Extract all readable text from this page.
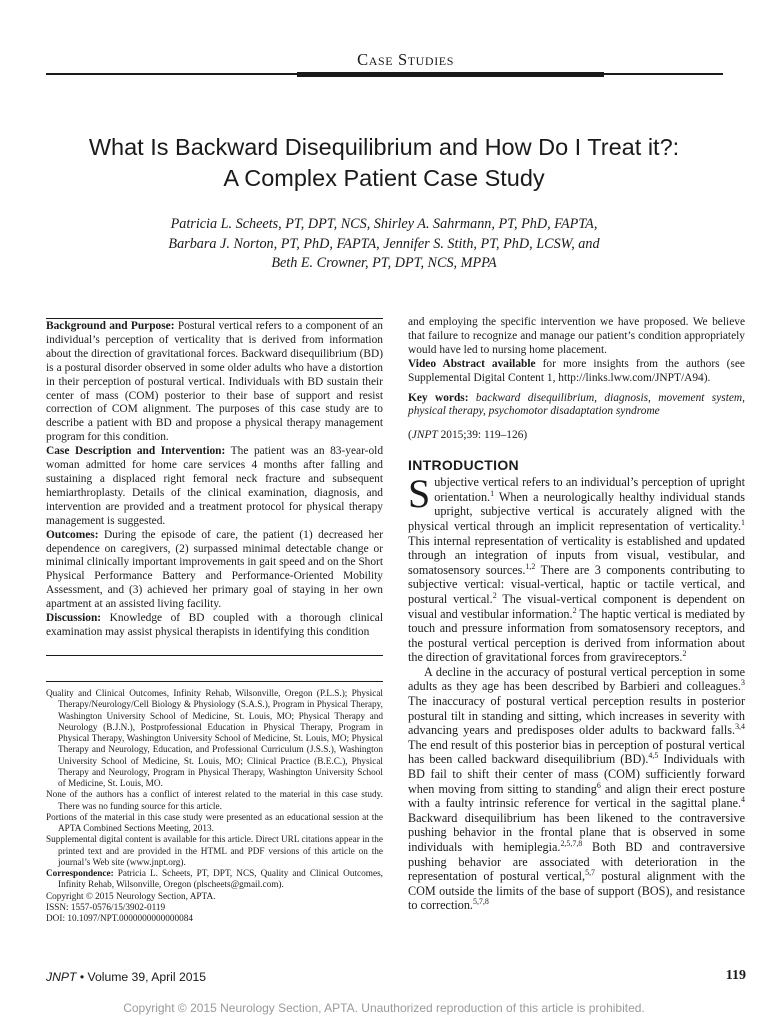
Case Studies
What Is Backward Disequilibrium and How Do I Treat it?:
A Complex Patient Case Study
Patricia L. Scheets, PT, DPT, NCS, Shirley A. Sahrmann, PT, PhD, FAPTA,
Barbara J. Norton, PT, PhD, FAPTA, Jennifer S. Stith, PT, PhD, LCSW, and
Beth E. Crowner, PT, DPT, NCS, MPPA

Background and Purpose: Postural vertical refers to a component of an individual’s perception of verticality that is derived from information about the direction of gravitational forces. Backward disequilibrium (BD) is a postural disorder observed in some older adults who have a distortion in their perception of postural vertical. Individuals with BD sustain their center of mass (COM) posterior to their base of support and resist correction of COM alignment. The purposes of this case study are to describe a patient with BD and propose a physical therapy management program for this condition.

Case Description and Intervention: The patient was an 83-year-old woman admitted for home care services 4 months after falling and sustaining a displaced right femoral neck fracture and subsequent hemiarthroplasty. Details of the clinical examination, diagnosis, and intervention are provided and a treatment protocol for physical therapy management is suggested.

Outcomes: During the episode of care, the patient (1) decreased her dependence on caregivers, (2) surpassed minimal detectable change or minimal clinically important improvements in gait speed and on the Short Physical Performance Battery and Performance-Oriented Mobility Assessment, and (3) achieved her primary goal of staying in her own apartment at an assisted living facility.

Discussion: Knowledge of BD coupled with a thorough clinical examination may assist physical therapists in identifying this condition

Quality and Clinical Outcomes, Infinity Rehab, Wilsonville, Oregon (P.L.S.); Physical Therapy/Neurology/Cell Biology & Physiology (S.A.S.), Program in Physical Therapy, Washington University School of Medicine, St. Louis, MO; Physical Therapy and Neurology (B.J.N.), Postprofessional Education in Physical Therapy, Program in Physical Therapy, Washington University School of Medicine, St. Louis, MO; Physical Therapy and Neurology, Education, and Professional Curriculum (J.S.S.), Washington University School of Medicine, St. Louis, MO; Clinical Practice (B.E.C.), Physical Therapy and Neurology, Program in Physical Therapy, Washington University School of Medicine, St. Louis, MO.

None of the authors has a conflict of interest related to the material in this case study. There was no funding source for this article.

Portions of the material in this case study were presented as an educational session at the APTA Combined Sections Meeting, 2013.

Supplemental digital content is available for this article. Direct URL citations appear in the printed text and are provided in the HTML and PDF versions of this article on the journal’s Web site (www.jnpt.org).

Correspondence: Patricia L. Scheets, PT, DPT, NCS, Quality and Clinical Outcomes, Infinity Rehab, Wilsonville, Oregon (plscheets@gmail.com).

Copyright © 2015 Neurology Section, APTA.

ISSN: 1557-0576/15/3902-0119

DOI: 10.1097/NPT.0000000000000084

and employing the specific intervention we have proposed. We believe that failure to recognize and manage our patient’s condition appropriately would have led to nursing home placement.

Video Abstract available for more insights from the authors (see Supplemental Digital Content 1, http://links.lww.com/JNPT/A94).

Key words: backward disequilibrium, diagnosis, movement system, physical therapy, psychomotor disadaptation syndrome

(JNPT 2015;39: 119–126)

INTRODUCTION

Subjective vertical refers to an individual’s perception of upright orientation.$^1$ When a neurologically healthy individual stands upright, subjective vertical is accurately aligned with the physical vertical through an implicit representation of verticality.$^1$ This internal representation of verticality is established and updated through an integration of inputs from visual, vestibular, and somatosensory sources.$^{1,2}$ There are 3 components contributing to subjective vertical: visual-vertical, haptic or tactile vertical, and postural vertical.$^2$ The visual-vertical component is dependent on visual and vestibular information.$^2$ The haptic vertical is mediated by touch and pressure information from somatosensory receptors, and the postural vertical perception is derived from information about the direction of gravitational forces from gravireceptors.$^2$

A decline in the accuracy of postural vertical perception in some adults as they age has been described by Barbieri and colleagues.$^3$ The inaccuracy of postural vertical perception results in posterior postural tilt in standing and sitting, which increases in severity with advancing years and predisposes older adults to backward falls.$^{3,4}$ The end result of this posterior bias in perception of postural vertical has been called backward disequilibrium (BD).$^{4,5}$ Individuals with BD fail to shift their center of mass (COM) sufficiently forward when moving from sitting to standing$^6$ and align their erect posture with a faulty intrinsic reference for vertical in the sagittal plane.$^4$ Backward disequilibrium has been likened to the contraversive pushing behavior in the frontal plane that is observed in some individuals with hemiplegia.$^{2,5,7,8}$ Both BD and contraversive pushing behavior are associated with deterioration in the representation of postural vertical,$^{5,7}$ postural alignment with the COM outside the limits of the base of support (BOS), and resistance to correction.$^{5,7,8}$

JNPT • Volume 39, April 2015	119
Copyright © 2015 Neurology Section, APTA. Unauthorized reproduction of this article is prohibited.
